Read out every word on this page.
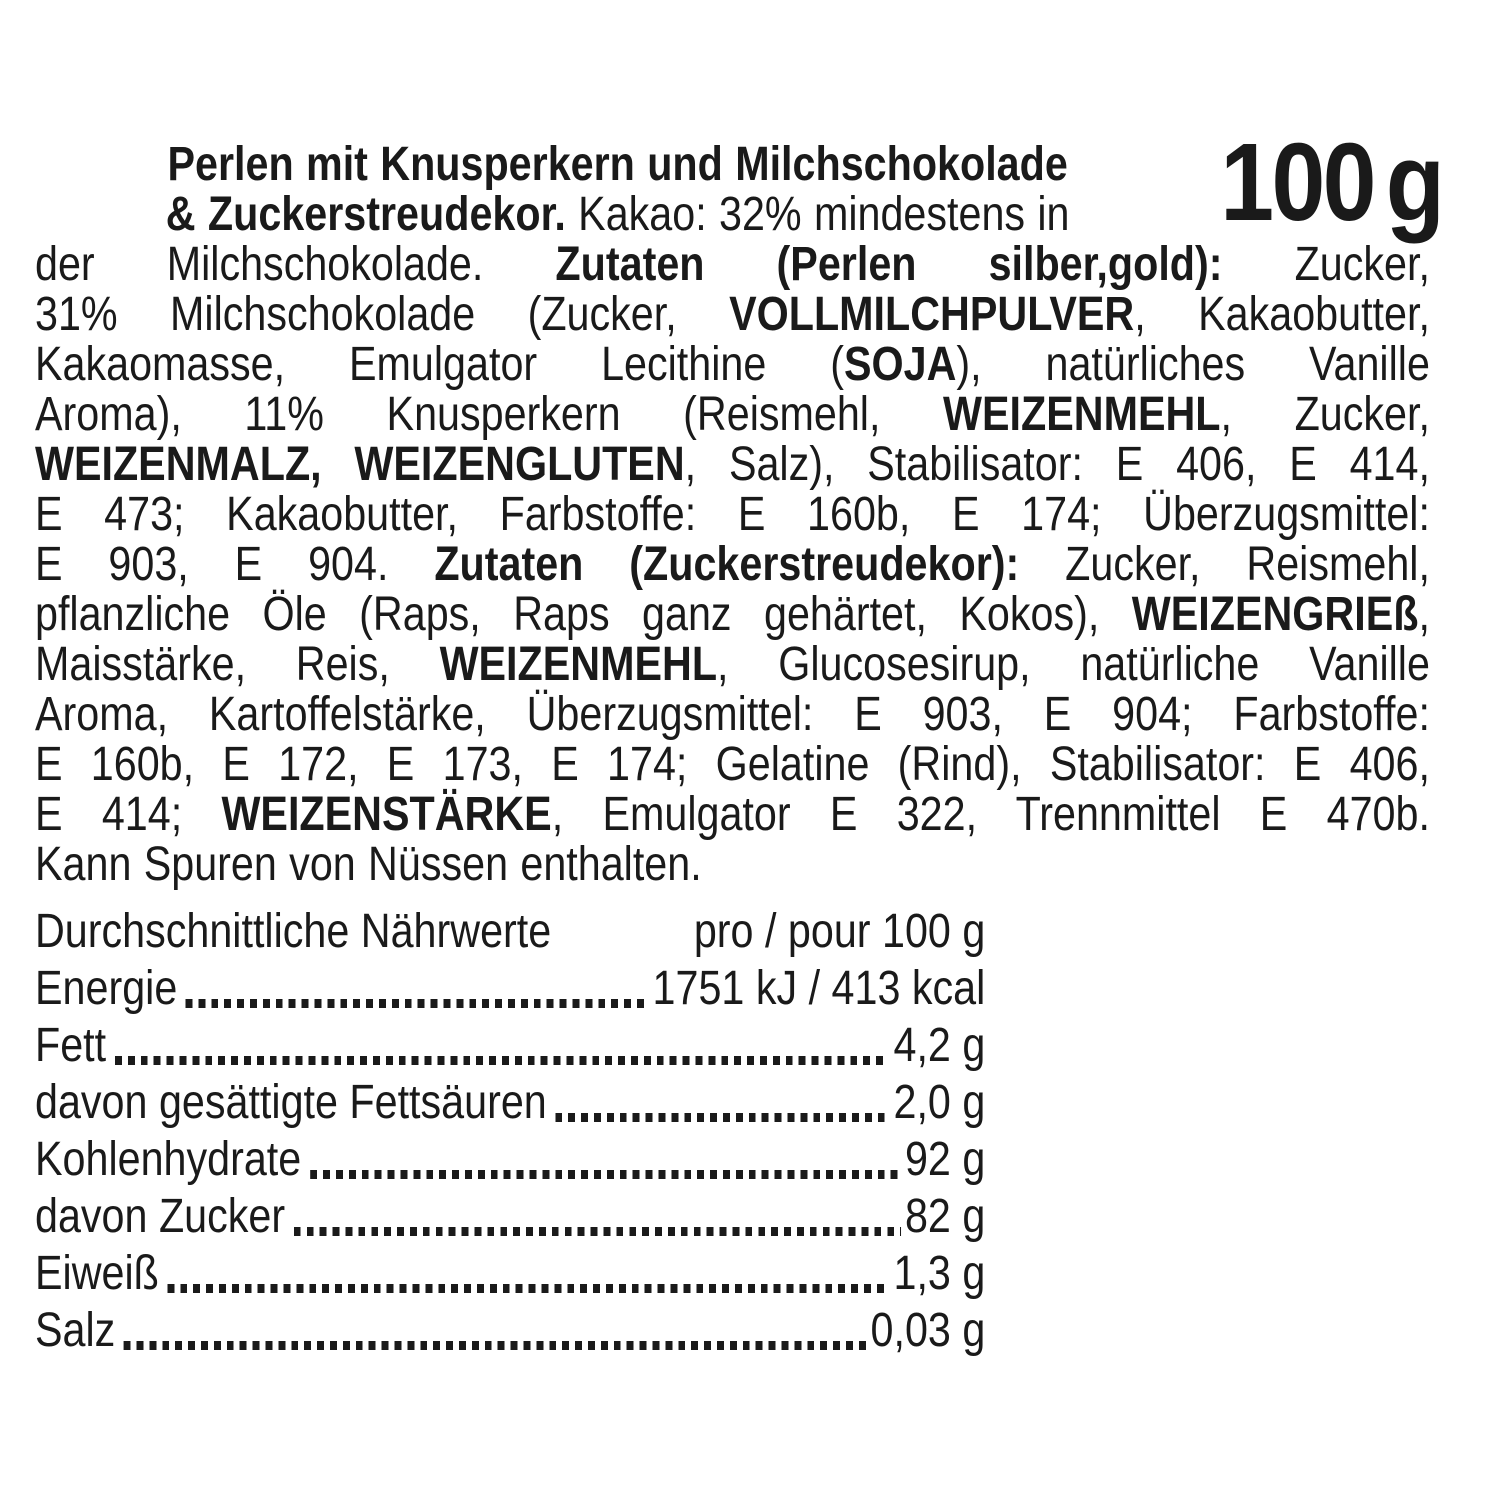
100 g
Perlen mit Knusperkern und Milchschokolade
& Zuckerstreudekor. Kakao: 32% mindestens in
der Milchschokolade. Zutaten (Perlen silber,gold): Zucker,
31% Milchschokolade (Zucker, VOLLMILCHPULVER, Kakaobutter,
Kakaomasse, Emulgator Lecithine (SOJA), natürliches Vanille
Aroma), 11% Knusperkern (Reismehl, WEIZENMEHL, Zucker,
WEIZENMALZ, WEIZENGLUTEN, Salz), Stabilisator: E 406, E 414,
E 473; Kakaobutter, Farbstoffe: E 160b, E 174; Überzugsmittel:
E 903, E 904. Zutaten (Zuckerstreudekor): Zucker, Reismehl,
pflanzliche Öle (Raps, Raps ganz gehärtet, Kokos), WEIZENGRIEß,
Maisstärke, Reis, WEIZENMEHL, Glucosesirup, natürliche Vanille
Aroma, Kartoffelstärke, Überzugsmittel: E 903, E 904; Farbstoffe:
E 160b, E 172, E 173, E 174; Gelatine (Rind), Stabilisator: E 406,
E 414; WEIZENSTÄRKE, Emulgator E 322, Trennmittel E 470b.
Kann Spuren von Nüssen enthalten.
Durchschnittliche Nährwerte	pro / pour 100 g
Energie	1751 kJ / 413 kcal
Fett	4,2 g
davon gesättigte Fettsäuren	2,0 g
Kohlenhydrate	92 g
davon Zucker	82 g
Eiweiß	1,3 g
Salz	0,03 g
